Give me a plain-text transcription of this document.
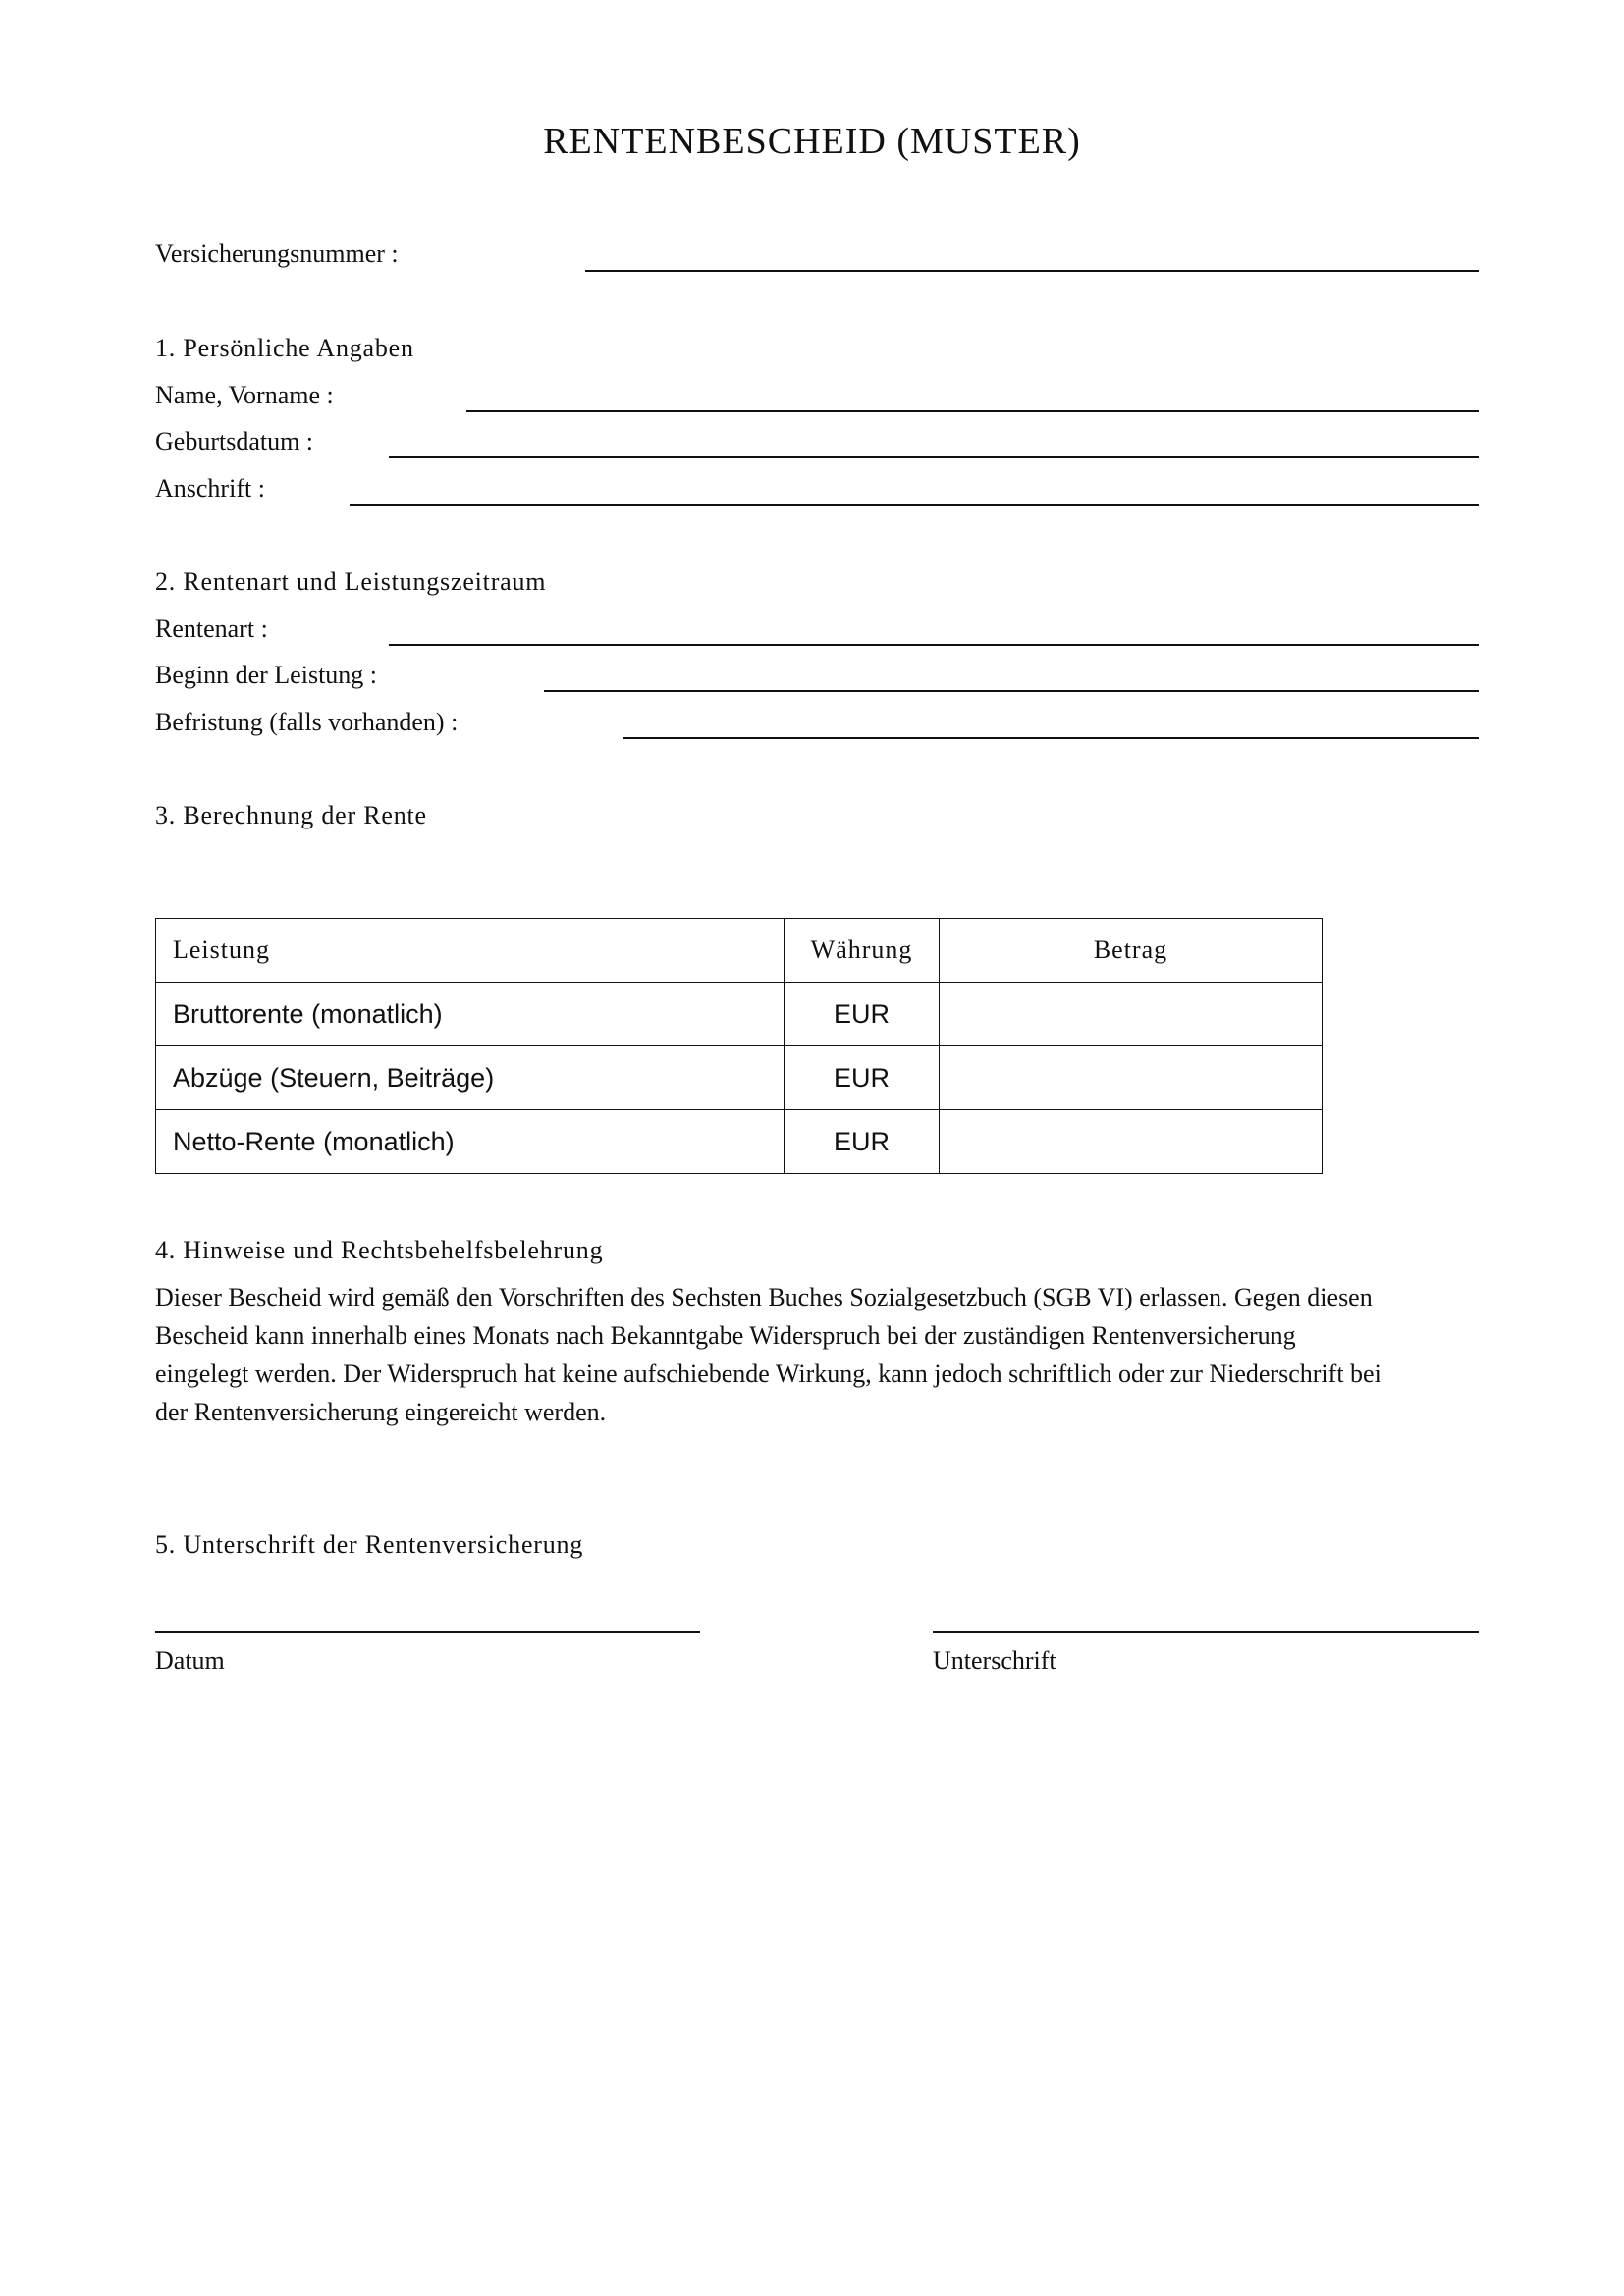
RENTENBESCHEID (MUSTER)
Versicherungsnummer :
1. Persönliche Angaben
Name, Vorname :
Geburtsdatum :
Anschrift :
2. Rentenart und Leistungszeitraum
Rentenart :
Beginn der Leistung :
Befristung (falls vorhanden) :
3. Berechnung der Rente
Leistung	Währung	Betrag
Bruttorente (monatlich)	EUR	
Abzüge (Steuern, Beiträge)	EUR	
Netto-Rente (monatlich)	EUR	
4. Hinweise und Rechtsbehelfsbelehrung
Dieser Bescheid wird gemäß den Vorschriften des Sechsten Buches Sozialgesetzbuch (SGB VI) erlassen. Gegen diesen
Bescheid kann innerhalb eines Monats nach Bekanntgabe Widerspruch bei der zuständigen Rentenversicherung
eingelegt werden. Der Widerspruch hat keine aufschiebende Wirkung, kann jedoch schriftlich oder zur Niederschrift bei
der Rentenversicherung eingereicht werden.
5. Unterschrift der Rentenversicherung
Datum	Unterschrift
